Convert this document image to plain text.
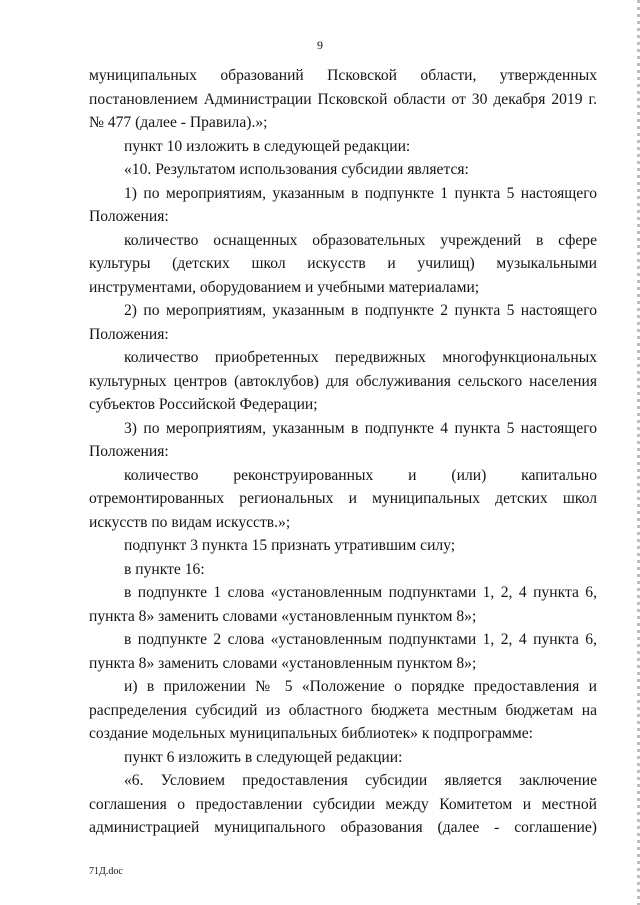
9

муниципальных образований Псковской области, утвержденных постановлением Администрации Псковской области от 30 декабря 2019 г. № 477 (далее - Правила).»;

пункт 10 изложить в следующей редакции:

«10. Результатом использования субсидии является:

1) по мероприятиям, указанным в подпункте 1 пункта 5 настоящего Положения:

количество оснащенных образовательных учреждений в сфере культуры (детских школ искусств и училищ) музыкальными инструментами, оборудованием и учебными материалами;

2) по мероприятиям, указанным в подпункте 2 пункта 5 настоящего Положения:

количество приобретенных передвижных многофункциональных культурных центров (автоклубов) для обслуживания сельского населения субъектов Российской Федерации;

3) по мероприятиям, указанным в подпункте 4 пункта 5 настоящего Положения:

количество реконструированных и (или) капитально отремонтированных региональных и муниципальных детских школ искусств по видам искусств.»;

подпункт 3 пункта 15 признать утратившим силу;

в пункте 16:

в подпункте 1 слова «установленным подпунктами 1, 2, 4 пункта 6, пункта 8» заменить словами «установленным пунктом 8»;

в подпункте 2 слова «установленным подпунктами 1, 2, 4 пункта 6, пункта 8» заменить словами «установленным пунктом 8»;

и) в приложении № 5 «Положение о порядке предоставления и распределения субсидий из областного бюджета местным бюджетам на создание модельных муниципальных библиотек» к подпрограмме:

пункт 6 изложить в следующей редакции:

«6. Условием предоставления субсидии является заключение соглашения о предоставлении субсидии между Комитетом и местной администрацией муниципального образования (далее - соглашение)

71Д.doc
